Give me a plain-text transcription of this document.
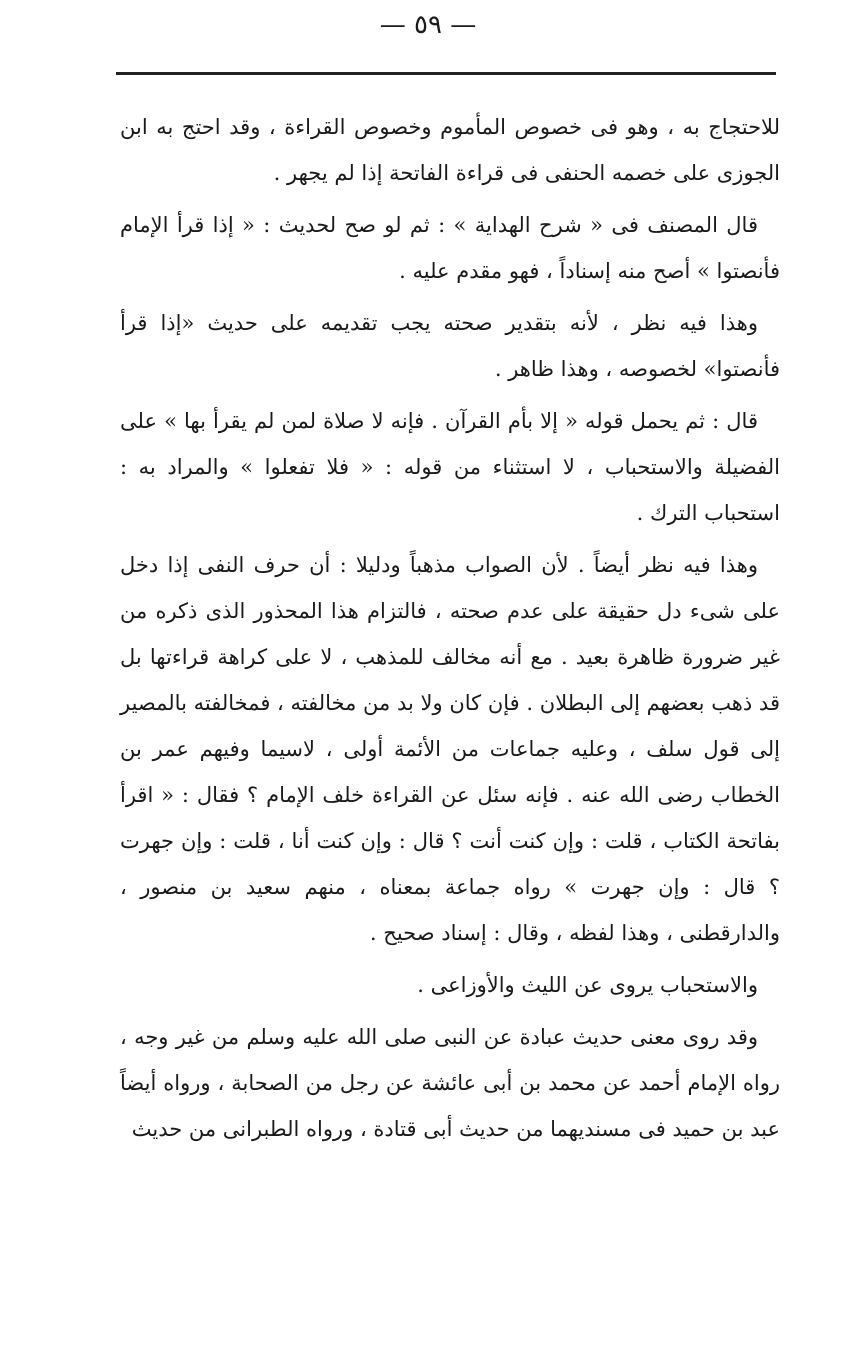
— ٥٩ —

للاحتجاج به ، وهو فى خصوص المأموم وخصوص القراءة ، وقد احتج به ابن الجوزى على خصمه الحنفى فى قراءة الفاتحة إذا لم يجهر .

قال المصنف فى « شرح الهداية » : ثم لو صح لحديث : « إذا قرأ الإمام فأنصتوا » أصح منه إسناداً ، فهو مقدم عليه .

وهذا فيه نظر ، لأنه بتقدير صحته يجب تقديمه على حديث «إذا قرأ فأنصتوا» لخصوصه ، وهذا ظاهر .

قال : ثم يحمل قوله « إلا بأم القرآن . فإنه لا صلاة لمن لم يقرأ بها » على الفضيلة والاستحباب ، لا استثناء من قوله : « فلا تفعلوا » والمراد به : استحباب الترك .

وهذا فيه نظر أيضاً . لأن الصواب مذهباً ودليلا : أن حرف النفى إذا دخل على شىء دل حقيقة على عدم صحته ، فالتزام هذا المحذور الذى ذكره من غير ضرورة ظاهرة بعيد . مع أنه مخالف للمذهب ، لا على كراهة قراءتها بل قد ذهب بعضهم إلى البطلان . فإن كان ولا بد من مخالفته ، فمخالفته بالمصير إلى قول سلف ، وعليه جماعات من الأئمة أولى ، لاسيما وفيهم عمر بن الخطاب رضى الله عنه . فإنه سئل عن القراءة خلف الإمام ؟ فقال : « اقرأ بفاتحة الكتاب ، قلت : وإن كنت أنت ؟ قال : وإن كنت أنا ، قلت : وإن جهرت ؟ قال : وإن جهرت » رواه جماعة بمعناه ، منهم سعيد بن منصور ، والدارقطنى ، وهذا لفظه ، وقال : إسناد صحيح .

والاستحباب يروى عن الليث والأوزاعى .

وقد روى معنى حديث عبادة عن النبى صلى الله عليه وسلم من غير وجه ، رواه الإمام أحمد عن محمد بن أبى عائشة عن رجل من الصحابة ، ورواه أيضاً عبد بن حميد فى مسنديهما من حديث أبى قتادة ، ورواه الطبرانى من حديث
